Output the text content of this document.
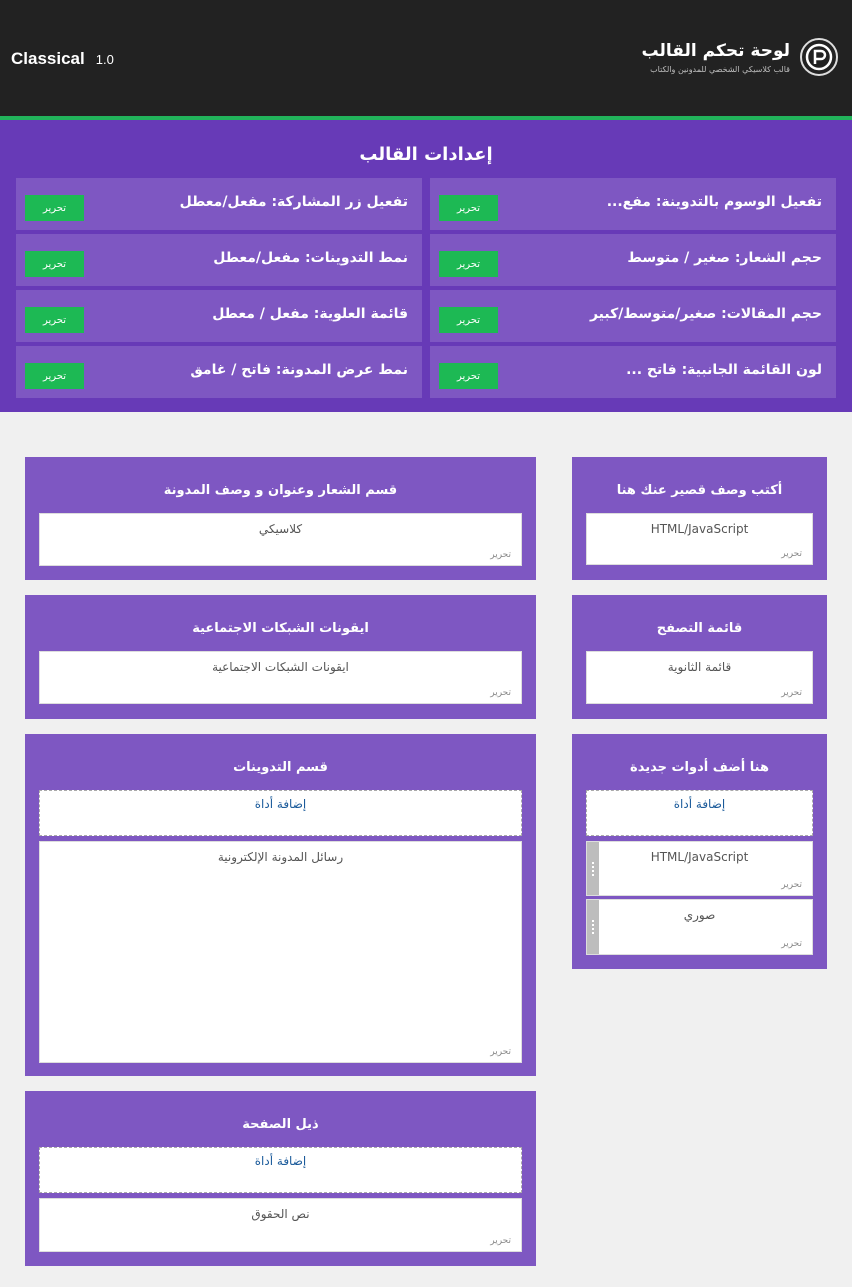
Classical 1.0	لوحة تحكم القالب
قالب كلاسيكي الشخصي للمدونين والكتاب
إعدادات القالب
تفعيل الوسوم بالتدوينة: مفع...
تحرير
تفعيل زر المشاركة: مفعل/معطل
تحرير
حجم الشعار: صغير / متوسط
تحرير
نمط التدوينات: مفعل/معطل
تحرير
حجم المقالات: صغير/متوسط/كبير
تحرير
قائمة العلوية: مفعل / معطل
تحرير
لون القائمة الجانبية: فاتح ...
تحرير
نمط عرض المدونة: فاتح / غامق
تحرير
أكتب وصف قصير عنك هنا
HTML/JavaScript
تحرير
قسم الشعار وعنوان و وصف المدونة
كلاسيكي
تحرير
قائمة التصفح
قائمة الثانوية
تحرير
ايقونات الشبكات الاجتماعية
ايقونات الشبكات الاجتماعية
تحرير
هنا أضف أدوات جديدة
إضافة أداة
HTML/JavaScript
تحرير
صوري
تحرير
قسم التدوينات
إضافة أداة
رسائل المدونة الإلكترونية
تحرير
ذيل الصفحة
إضافة أداة
نص الحقوق
تحرير
